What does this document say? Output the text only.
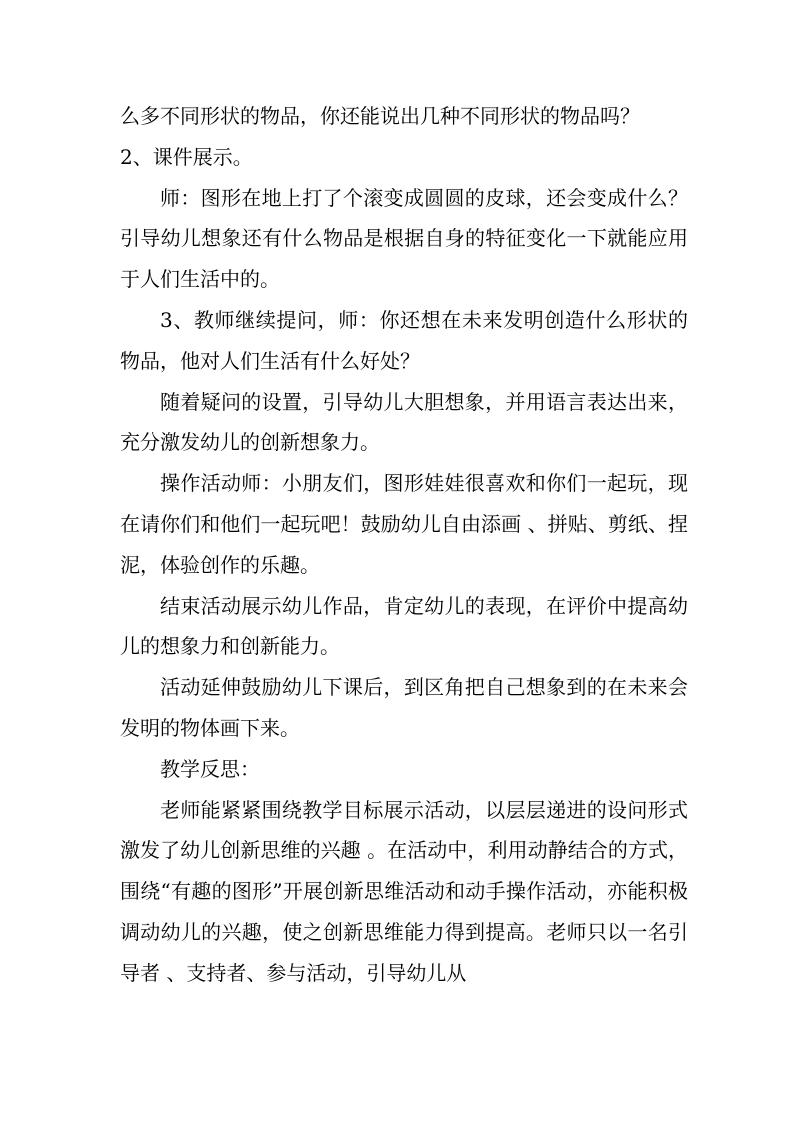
么多不同形状的物品，你还能说出几种不同形状的物品吗？

2、课件展示。

师：图形在地上打了个滚变成圆圆的皮球，还会变成什么？引导幼儿想象还有什么物品是根据自身的特征变化一下就能应用于人们生活中的。

3、教师继续提问，师：你还想在未来发明创造什么形状的物品，他对人们生活有什么好处？

随着疑问的设置，引导幼儿大胆想象，并用语言表达出来，充分激发幼儿的创新想象力。

操作活动师：小朋友们，图形娃娃很喜欢和你们一起玩，现在请你们和他们一起玩吧！鼓励幼儿自由添画 、拼贴、剪纸、捏泥，体验创作的乐趣。

结束活动展示幼儿作品，肯定幼儿的表现，在评价中提高幼儿的想象力和创新能力。

活动延伸鼓励幼儿下课后，到区角把自己想象到的在未来会发明的物体画下来。

教学反思：

老师能紧紧围绕教学目标展示活动，以层层递进的设问形式激发了幼儿创新思维的兴趣 。在活动中，利用动静结合的方式，围绕“有趣的图形”开展创新思维活动和动手操作活动，亦能积极调动幼儿的兴趣，使之创新思维能力得到提高。老师只以一名引导者 、支持者、参与活动，引导幼儿从
